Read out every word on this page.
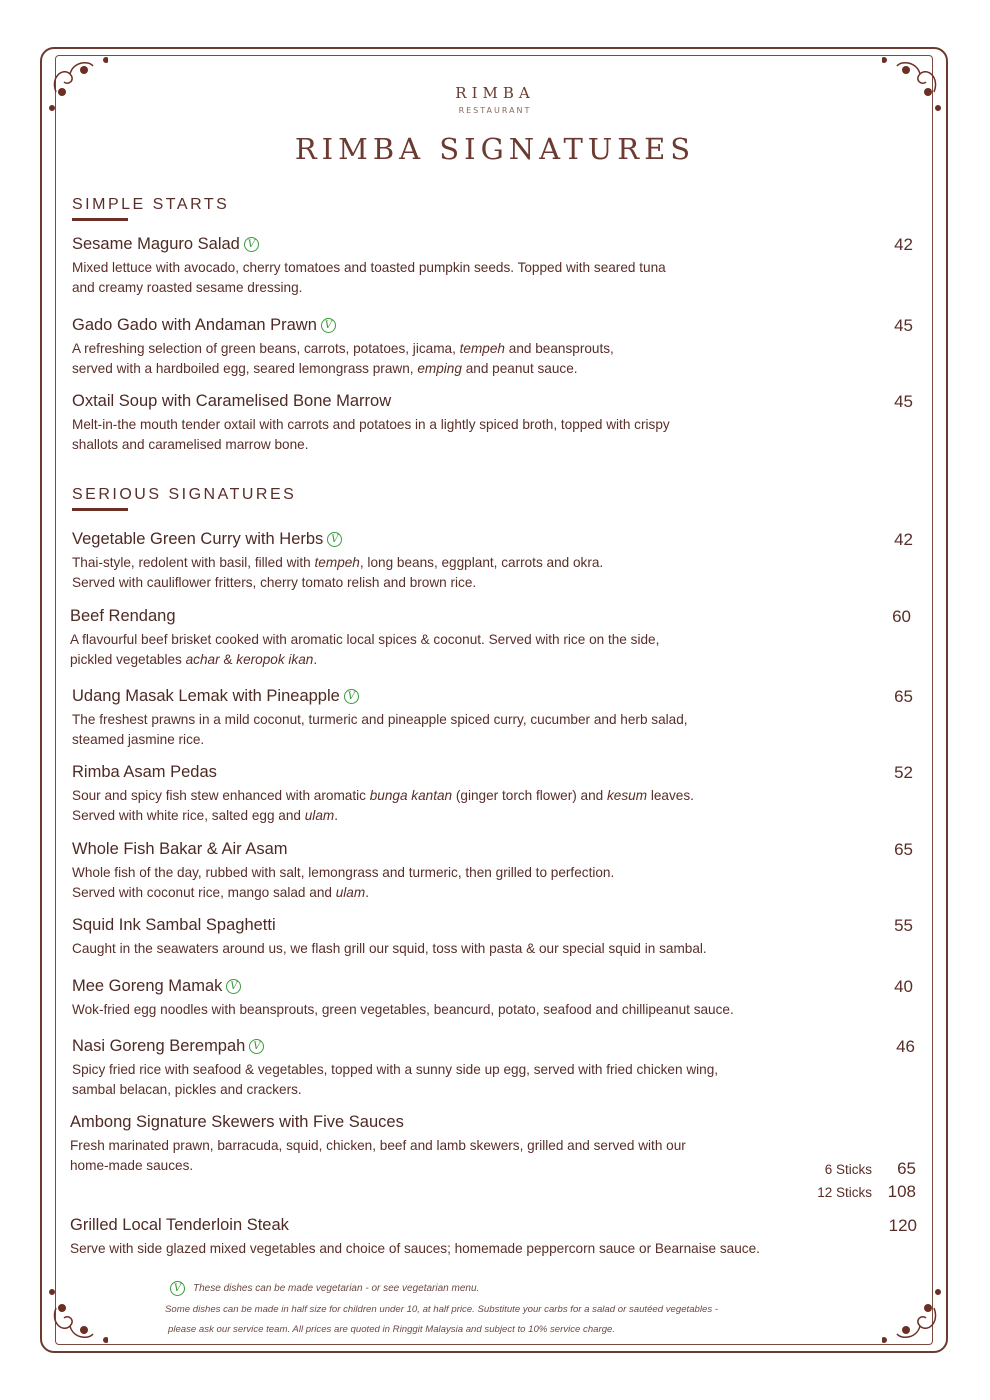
RIMBA
RESTAURANT
RIMBA SIGNATURES
SIMPLE STARTS
SERIOUS SIGNATURES
Sesame Maguro Salad V	42
Mixed lettuce with avocado, cherry tomatoes and toasted pumpkin seeds. Topped with seared tuna
and creamy roasted sesame dressing.
Gado Gado with Andaman Prawn V	45
A refreshing selection of green beans, carrots, potatoes, jicama, tempeh and beansprouts,
served with a hardboiled egg, seared lemongrass prawn, emping and peanut sauce.
Oxtail Soup with Caramelised Bone Marrow	45
Melt-in-the mouth tender oxtail with carrots and potatoes in a lightly spiced broth, topped with crispy
shallots and caramelised marrow bone.
Vegetable Green Curry with Herbs V	42
Thai-style, redolent with basil, filled with tempeh, long beans, eggplant, carrots and okra.
Served with cauliflower fritters, cherry tomato relish and brown rice.
Beef Rendang	60
A flavourful beef brisket cooked with aromatic local spices & coconut. Served with rice on the side,
pickled vegetables achar & keropok ikan.
Udang Masak Lemak with Pineapple V	65
The freshest prawns in a mild coconut, turmeric and pineapple spiced curry, cucumber and herb salad,
steamed jasmine rice.
Rimba Asam Pedas	52
Sour and spicy fish stew enhanced with aromatic bunga kantan (ginger torch flower) and kesum leaves.
Served with white rice, salted egg and ulam.
Whole Fish Bakar & Air Asam	65
Whole fish of the day, rubbed with salt, lemongrass and turmeric, then grilled to perfection.
Served with coconut rice, mango salad and ulam.
Squid Ink Sambal Spaghetti	55
Caught in the seawaters around us, we flash grill our squid, toss with pasta & our special squid in sambal.
Mee Goreng Mamak V	40
Wok-fried egg noodles with beansprouts, green vegetables, beancurd, potato, seafood and chillipeanut sauce.
Nasi Goreng Berempah V	46
Spicy fried rice with seafood & vegetables, topped with a sunny side up egg, served with fried chicken wing,
sambal belacan, pickles and crackers.
Ambong Signature Skewers with Five Sauces
Fresh marinated prawn, barracuda, squid, chicken, beef and lamb skewers, grilled and served with our
home-made sauces.	6 Sticks 65
12 Sticks 108
Grilled Local Tenderloin Steak	120
Serve with side glazed mixed vegetables and choice of sauces; homemade peppercorn sauce or Bearnaise sauce.
V	These dishes can be made vegetarian - or see vegetarian menu.
Some dishes can be made in half size for children under 10, at half price. Substitute your carbs for a salad or sautéed vegetables -
please ask our service team. All prices are quoted in Ringgit Malaysia and subject to 10% service charge.
